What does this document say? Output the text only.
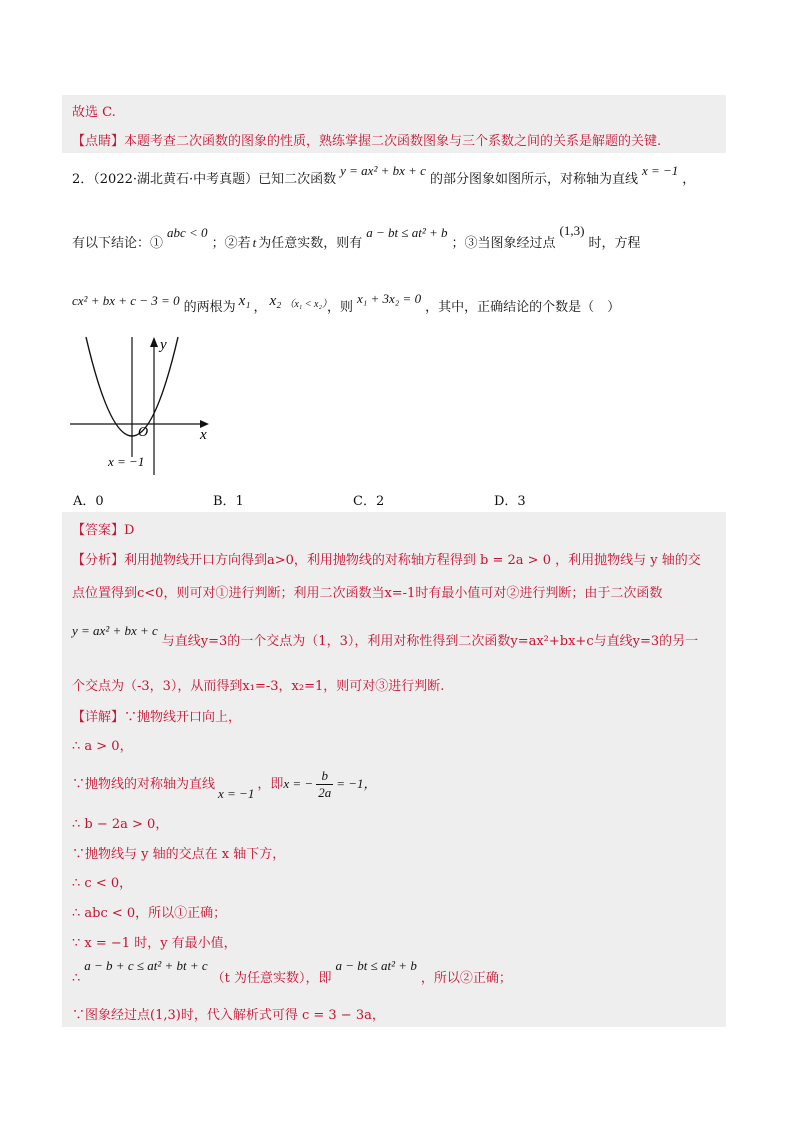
故选 C.
【点睛】本题考查二次函数的图象的性质，熟练掌握二次函数图象与三个系数之间的关系是解题的关键.
2．（2022·湖北黄石·中考真题）已知二次函数y = ax² + bx + c的部分图象如图所示，对称轴为直线x = −1，
有以下结论：①abc < 0；②若 t 为任意实数，则有a − bt ≤ at² + b；③当图象经过点(1,3)时，方程
cx² + bx + c − 3 = 0 的两根为 x₁ ， x₂ $^{(x_1 < x_2)}$，则x₁ + 3x₂ = 0，其中，正确结论的个数是（　）
y
x
O
x = −1
A．0	B．1	C．2	D．3
【答案】D
【分析】利用抛物线开口方向得到a>0，利用抛物线的对称轴方程得到 b = 2a > 0 ，利用抛物线与 y 轴的交
点位置得到c<0，则可对①进行判断；利用二次函数当x=-1时有最小值可对②进行判断；由于二次函数
y = ax² + bx + c与直线y=3的一个交点为（1，3），利用对称性得到二次函数y=ax²+bx+c与直线y=3的另一
个交点为（-3，3），从而得到x₁=-3，x₂=1，则可对③进行判断.
【详解】∵抛物线开口向上，
∴ a > 0，
∵抛物线的对称轴为直线x = −1，即x = − $\frac{b}{2a} = -1$，
∴ b − 2a > 0，
∵抛物线与 y 轴的交点在 x 轴下方，
∴ c < 0，
∴ abc < 0，所以①正确；
∵ x = −1 时，y 有最小值，
∴a − b + c ≤ at² + bt + c（t 为任意实数），即a − bt ≤ at² + b，所以②正确；
∵图象经过点(1,3)时，代入解析式可得 c = 3 − 3a，
